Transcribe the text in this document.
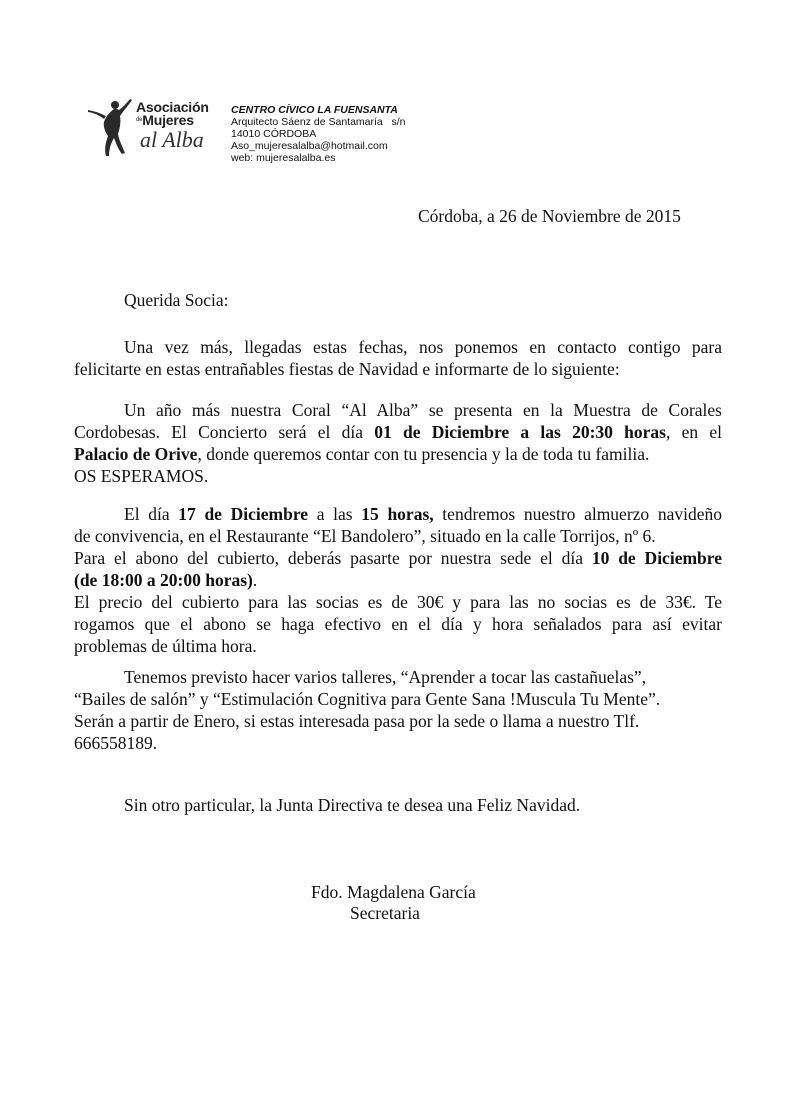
Asociación
$^{de}$Mujeres
al Alba
CENTRO CÍVICO LA FUENSANTA
Arquitecto Sáenz de Santamaría   s/n
14010 CÓRDOBA
Aso_mujeresalalba@hotmail.com
web: mujeresalalba.es
Córdoba, a 26 de Noviembre de 2015
Querida Socia:
Una vez más, llegadas estas fechas, nos ponemos en contacto contigo para
felicitarte en estas entrañables fiestas de Navidad e informarte de lo siguiente:
Un año más nuestra Coral “Al Alba” se presenta en la Muestra de Corales
Cordobesas. El Concierto será el día 01 de Diciembre a las 20:30 horas, en el
Palacio de Orive, donde queremos contar con tu presencia y la de toda tu familia.
OS ESPERAMOS.
El día 17 de Diciembre a las 15 horas, tendremos nuestro almuerzo navideño
de convivencia, en el Restaurante “El Bandolero”, situado en la calle Torrijos, nº 6.
Para el abono del cubierto, deberás pasarte por nuestra sede el día 10 de Diciembre
(de 18:00 a 20:00 horas).
El precio del cubierto para las socias es de 30€ y para las no socias es de 33€. Te
rogamos que el abono se haga efectivo en el día y hora señalados para así evitar
problemas de última hora.
Tenemos previsto hacer varios talleres, “Aprender a tocar las castañuelas”,
“Bailes de salón” y “Estimulación Cognitiva para Gente Sana !Muscula Tu Mente”.
Serán a partir de Enero, si estas interesada pasa por la sede o llama a nuestro Tlf.
666558189.
Sin otro particular, la Junta Directiva te desea una Feliz Navidad.
Fdo. Magdalena García
Secretaria
